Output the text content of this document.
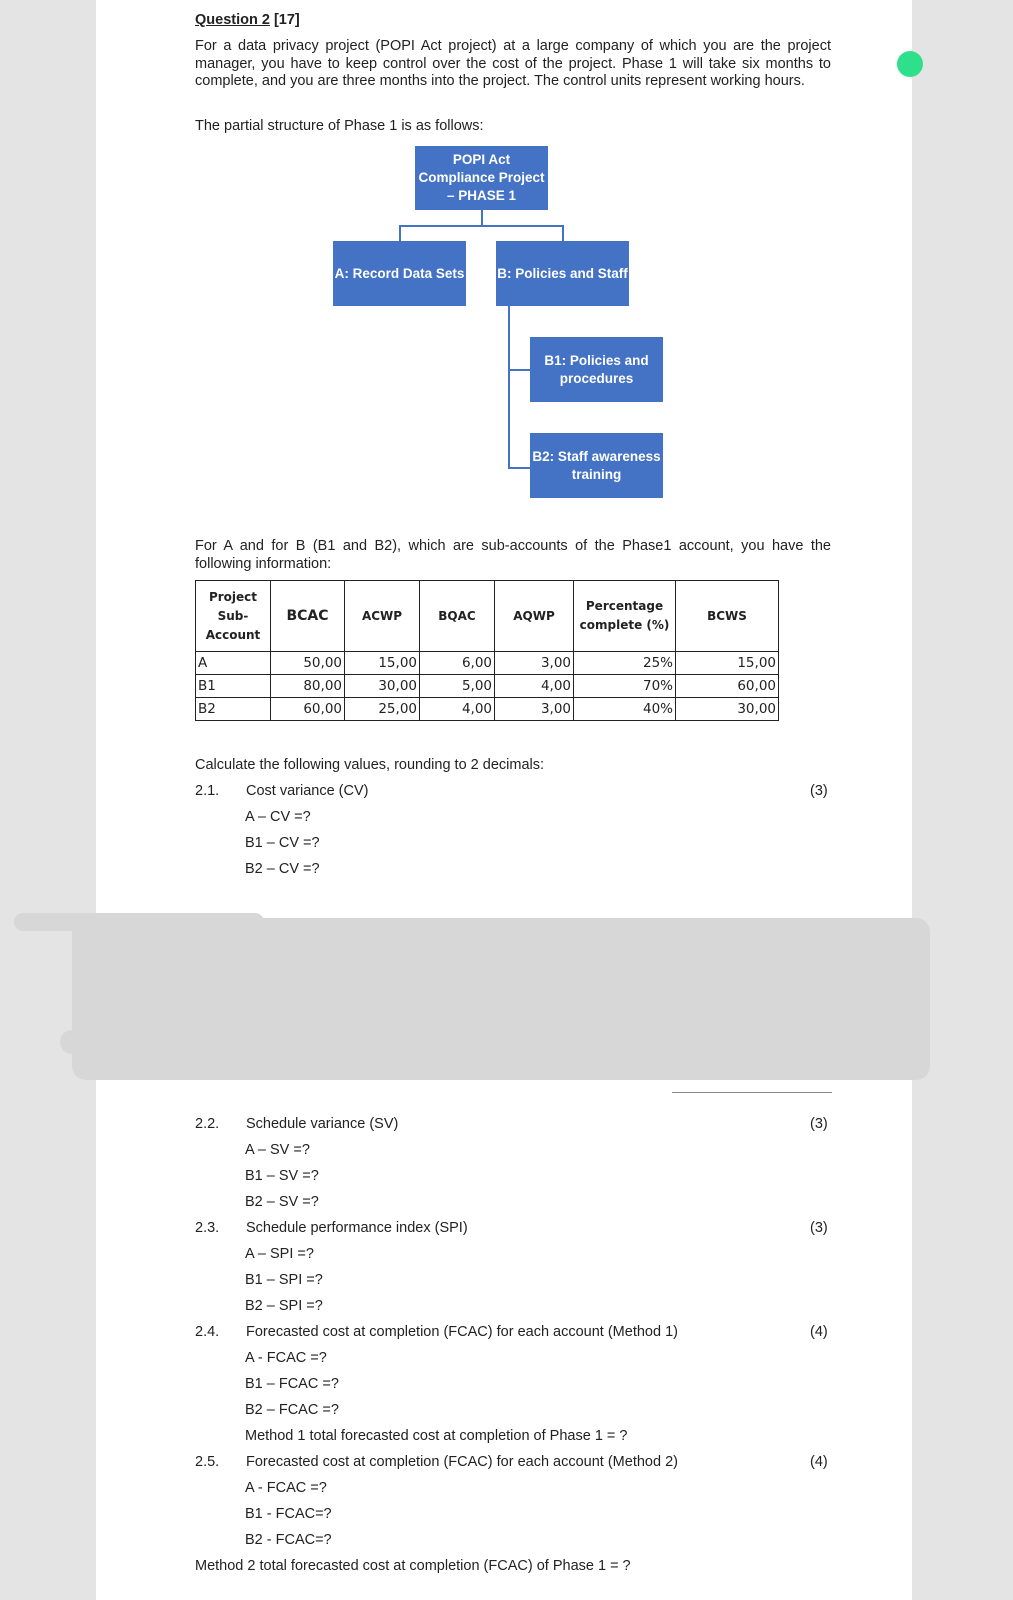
Question 2 [17]
For a data privacy project (POPI Act project) at a large company of which you are the project manager, you have to keep control over the cost of the project. Phase 1 will take six months to complete, and you are three months into the project. The control units represent working hours.
The partial structure of Phase 1 is as follows:
POPI Act Compliance Project – PHASE 1
A: Record Data Sets B: Policies and Staff
B1: Policies and procedures
B2: Staff awareness training
For A and for B (B1 and B2), which are sub-accounts of the Phase1 account, you have the following information:
Project Sub-Account	BCAC	ACWP	BQAC	AQWP	Percentage complete (%)	BCWS
A	50,00	15,00	6,00	3,00	25%	15,00
B1	80,00	30,00	5,00	4,00	70%	60,00
B2	60,00	25,00	4,00	3,00	40%	30,00
Calculate the following values, rounding to 2 decimals:
2.1. Cost variance (CV)	(3)
A – CV =?
B1 – CV =?
B2 – CV =?
2.2. Schedule variance (SV)	(3)
A – SV =?
B1 – SV =?
B2 – SV =?
2.3. Schedule performance index (SPI)	(3)
A – SPI =?
B1 – SPI =?
B2 – SPI =?
2.4. Forecasted cost at completion (FCAC) for each account (Method 1)	(4)
A - FCAC =?
B1 – FCAC =?
B2 – FCAC =?
Method 1 total forecasted cost at completion of Phase 1 = ?
2.5. Forecasted cost at completion (FCAC) for each account (Method 2)	(4)
A - FCAC =?
B1 - FCAC=?
B2 - FCAC=?
Method 2 total forecasted cost at completion (FCAC) of Phase 1 = ?
